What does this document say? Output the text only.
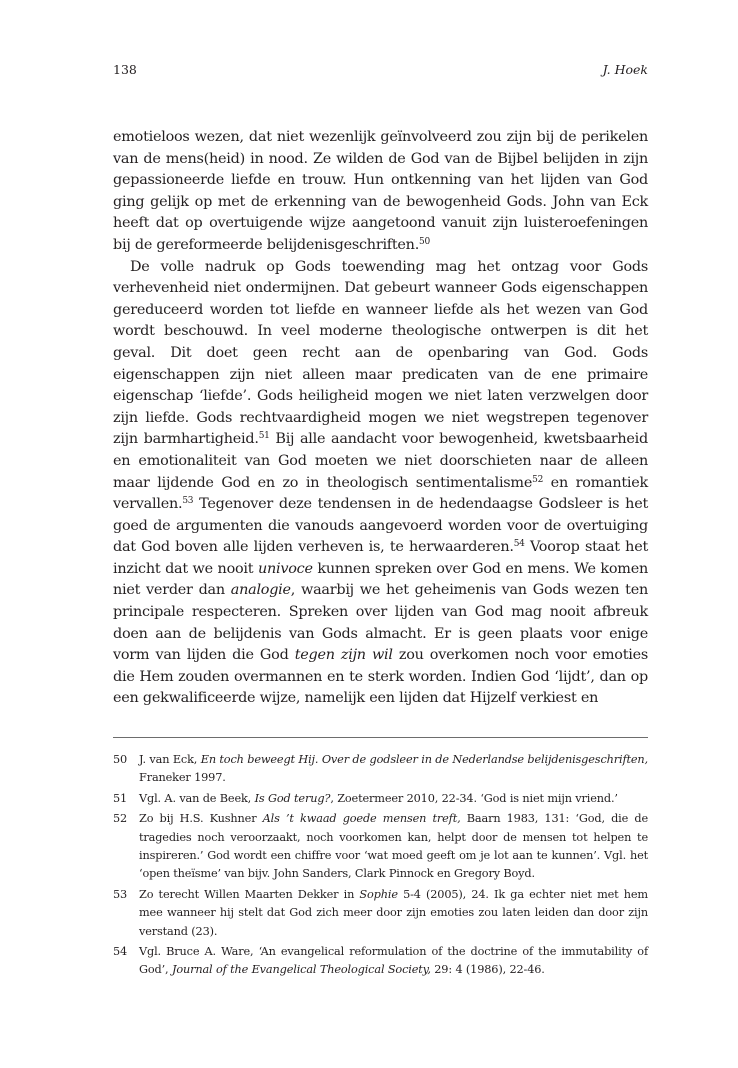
138	J. Hoek

emotieloos wezen, dat niet wezenlijk geïnvolveerd zou zijn bij de perikelen van de mens(heid) in nood. Ze wilden de God van de Bijbel belijden in zijn gepassioneerde liefde en trouw. Hun ontkenning van het lijden van God ging gelijk op met de erkenning van de bewogenheid Gods. John van Eck heeft dat op overtuigende wijze aangetoond vanuit zijn luisteroefeningen bij de gereformeerde belijdenisgeschriften.$^{50}$

De volle nadruk op Gods toewending mag het ontzag voor Gods verhevenheid niet ondermijnen. Dat gebeurt wanneer Gods eigenschappen gereduceerd worden tot liefde en wanneer liefde als het wezen van God wordt beschouwd. In veel moderne theologische ontwerpen is dit het geval. Dit doet geen recht aan de openbaring van God. Gods eigenschappen zijn niet alleen maar predicaten van de ene primaire eigenschap ‘liefde’. Gods heiligheid mogen we niet laten verzwelgen door zijn liefde. Gods rechtvaardigheid mogen we niet wegstrepen tegenover zijn barmhartigheid.$^{51}$ Bij alle aandacht voor bewogenheid, kwetsbaarheid en emotionaliteit van God moeten we niet doorschieten naar de alleen maar lijdende God en zo in theologisch sentimentalisme$^{52}$ en romantiek vervallen.$^{53}$ Tegenover deze tendensen in de hedendaagse Godsleer is het goed de argumenten die vanouds aangevoerd worden voor de overtuiging dat God boven alle lijden verheven is, te herwaarderen.$^{54}$ Voorop staat het inzicht dat we nooit univoce kunnen spreken over God en mens. We komen niet verder dan analogie, waarbij we het geheimenis van Gods wezen ten principale respecteren. Spreken over lijden van God mag nooit afbreuk doen aan de belijdenis van Gods almacht. Er is geen plaats voor enige vorm van lijden die God tegen zijn wil zou overkomen noch voor emoties die Hem zouden overmannen en te sterk worden. Indien God ‘lijdt’, dan op een gekwalificeerde wijze, namelijk een lijden dat Hijzelf verkiest en

50	J. van Eck, En toch beweegt Hij. Over de godsleer in de Nederlandse belijdenisgeschriften, Franeker 1997.
51	Vgl. A. van de Beek, Is God terug?, Zoetermeer 2010, 22-34. ‘God is niet mijn vriend.’
52	Zo bij H.S. Kushner Als ’t kwaad goede mensen treft, Baarn 1983, 131: ‘God, die de tragedies noch veroorzaakt, noch voorkomen kan, helpt door de mensen tot helpen te inspireren.’ God wordt een chiffre voor ‘wat moed geeft om je lot aan te kunnen’. Vgl. het ‘open theïsme’ van bijv. John Sanders, Clark Pinnock en Gregory Boyd.
53	Zo terecht Willen Maarten Dekker in Sophie 5-4 (2005), 24. Ik ga echter niet met hem mee wanneer hij stelt dat God zich meer door zijn emoties zou laten leiden dan door zijn verstand (23).
54	Vgl. Bruce A. Ware, ‘An evangelical reformulation of the doctrine of the immutability of God’, Journal of the Evangelical Theological Society, 29: 4 (1986), 22-46.
